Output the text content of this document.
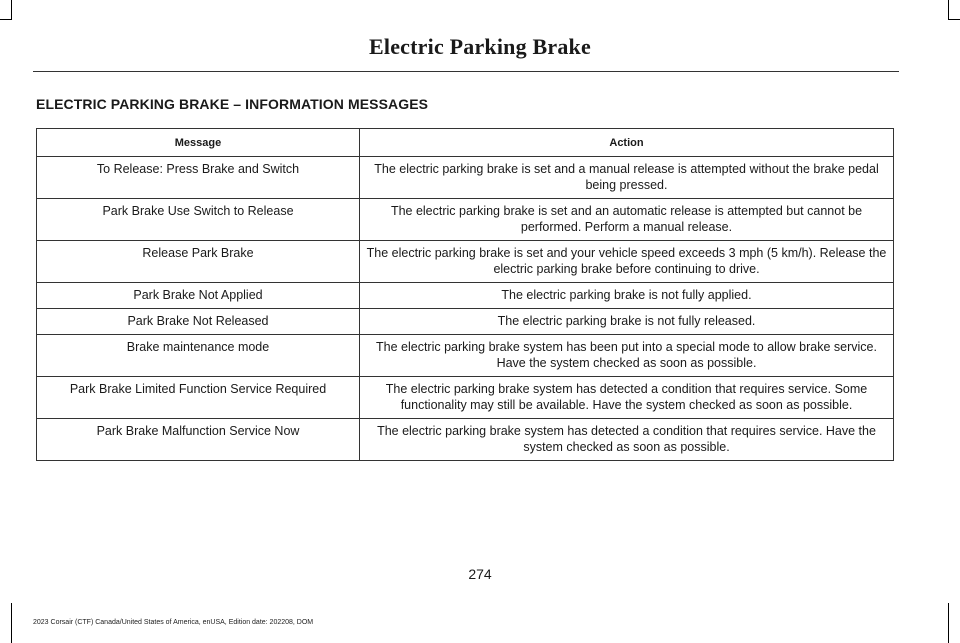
Electric Parking Brake
ELECTRIC PARKING BRAKE – INFORMATION MESSAGES
Message	Action
To Release: Press Brake and Switch	The electric parking brake is set and a manual release is attempted without the brake pedal being pressed.
Park Brake Use Switch to Release	The electric parking brake is set and an automatic release is attempted but cannot be performed. Perform a manual release.
Release Park Brake	The electric parking brake is set and your vehicle speed exceeds 3 mph (5 km/h). Release the electric parking brake before continuing to drive.
Park Brake Not Applied	The electric parking brake is not fully applied.
Park Brake Not Released	The electric parking brake is not fully released.
Brake maintenance mode	The electric parking brake system has been put into a special mode to allow brake service. Have the system checked as soon as possible.
Park Brake Limited Function Service Required	The electric parking brake system has detected a condition that requires service. Some functionality may still be available. Have the system checked as soon as possible.
Park Brake Malfunction Service Now	The electric parking brake system has detected a condition that requires service. Have the system checked as soon as possible.
274
2023 Corsair (CTF) Canada/United States of America, enUSA, Edition date: 202208, DOM
